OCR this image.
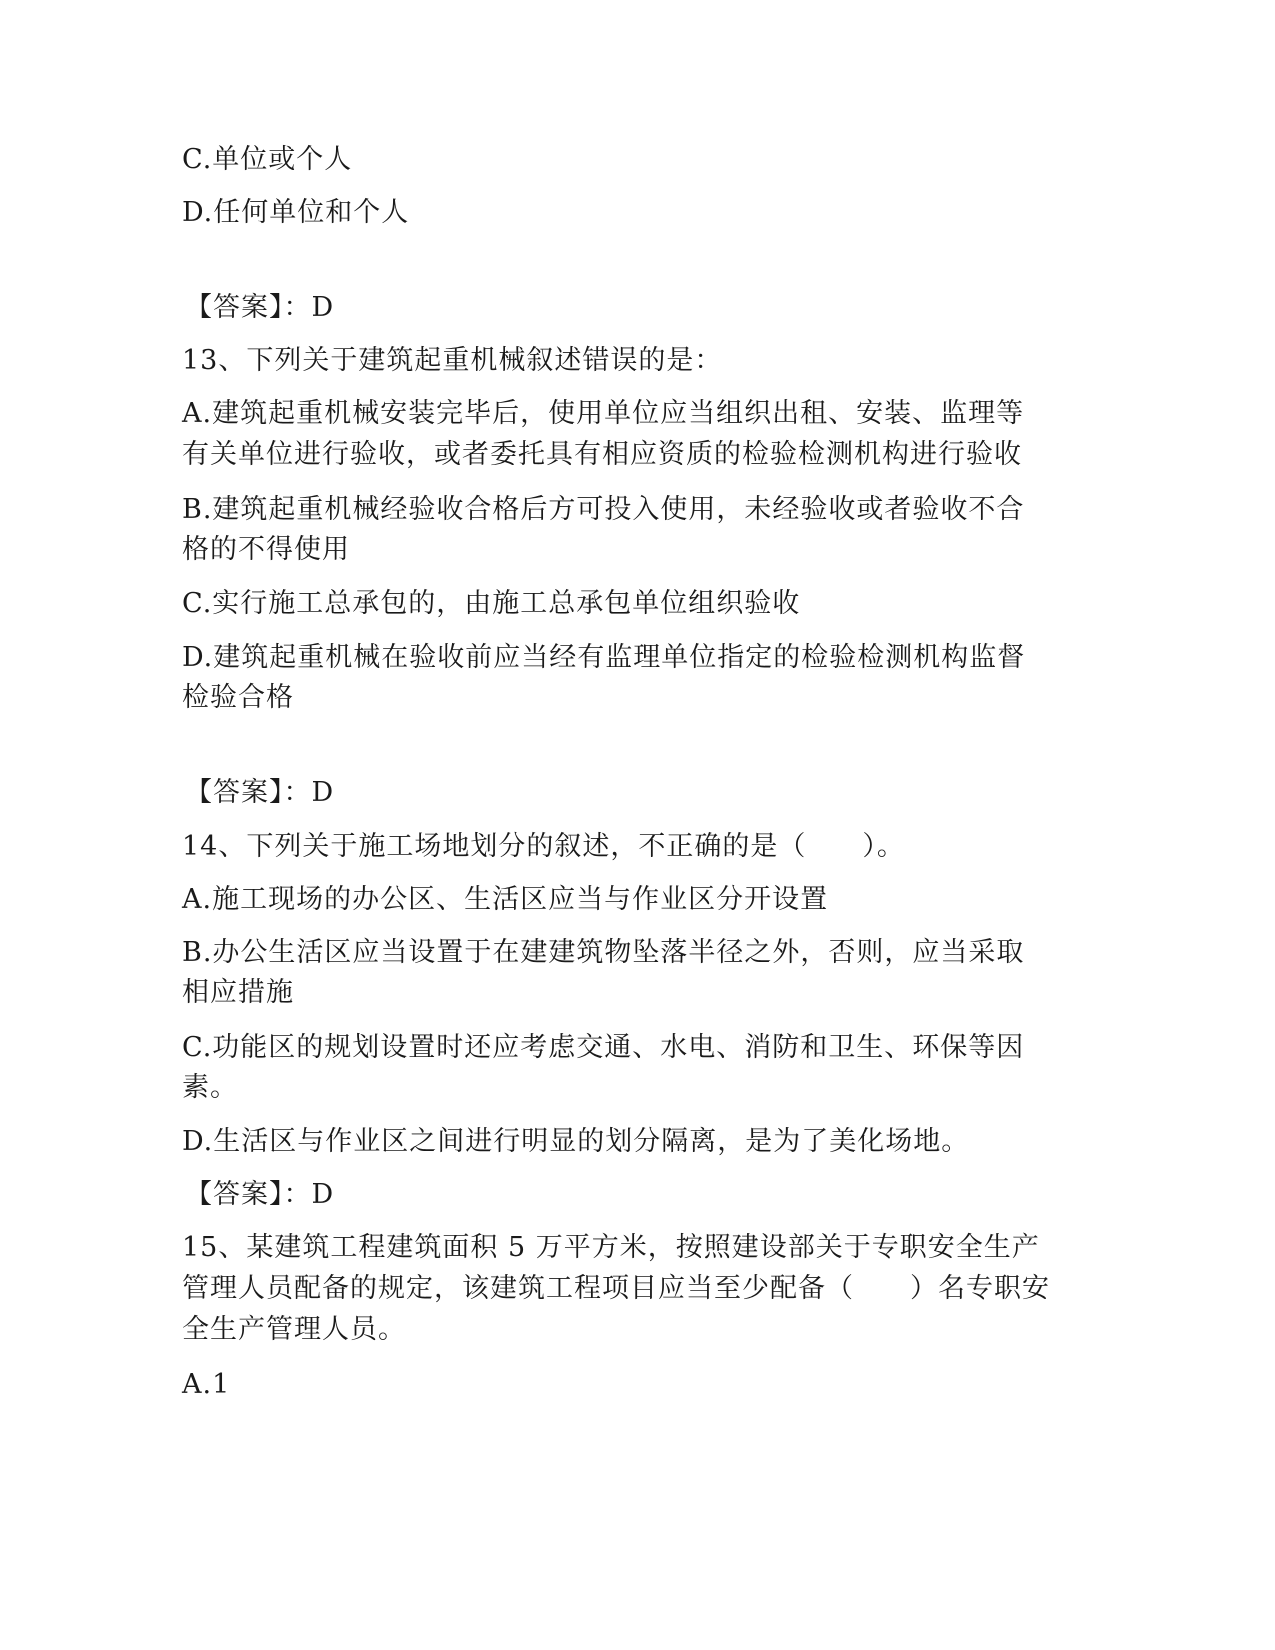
C.单位或个人
D.任何单位和个人
【答案】：D
13、下列关于建筑起重机械叙述错误的是：
A.建筑起重机械安装完毕后，使用单位应当组织出租、安装、监理等
有关单位进行验收，或者委托具有相应资质的检验检测机构进行验收
B.建筑起重机械经验收合格后方可投入使用，未经验收或者验收不合
格的不得使用
C.实行施工总承包的，由施工总承包单位组织验收
D.建筑起重机械在验收前应当经有监理单位指定的检验检测机构监督
检验合格
【答案】：D
14、下列关于施工场地划分的叙述，不正确的是（　　）。
A.施工现场的办公区、生活区应当与作业区分开设置
B.办公生活区应当设置于在建建筑物坠落半径之外，否则，应当采取
相应措施
C.功能区的规划设置时还应考虑交通、水电、消防和卫生、环保等因
素。
D.生活区与作业区之间进行明显的划分隔离，是为了美化场地。
【答案】：D
15、某建筑工程建筑面积 5 万平方米，按照建设部关于专职安全生产
管理人员配备的规定，该建筑工程项目应当至少配备（　　）名专职安
全生产管理人员。
A.1
